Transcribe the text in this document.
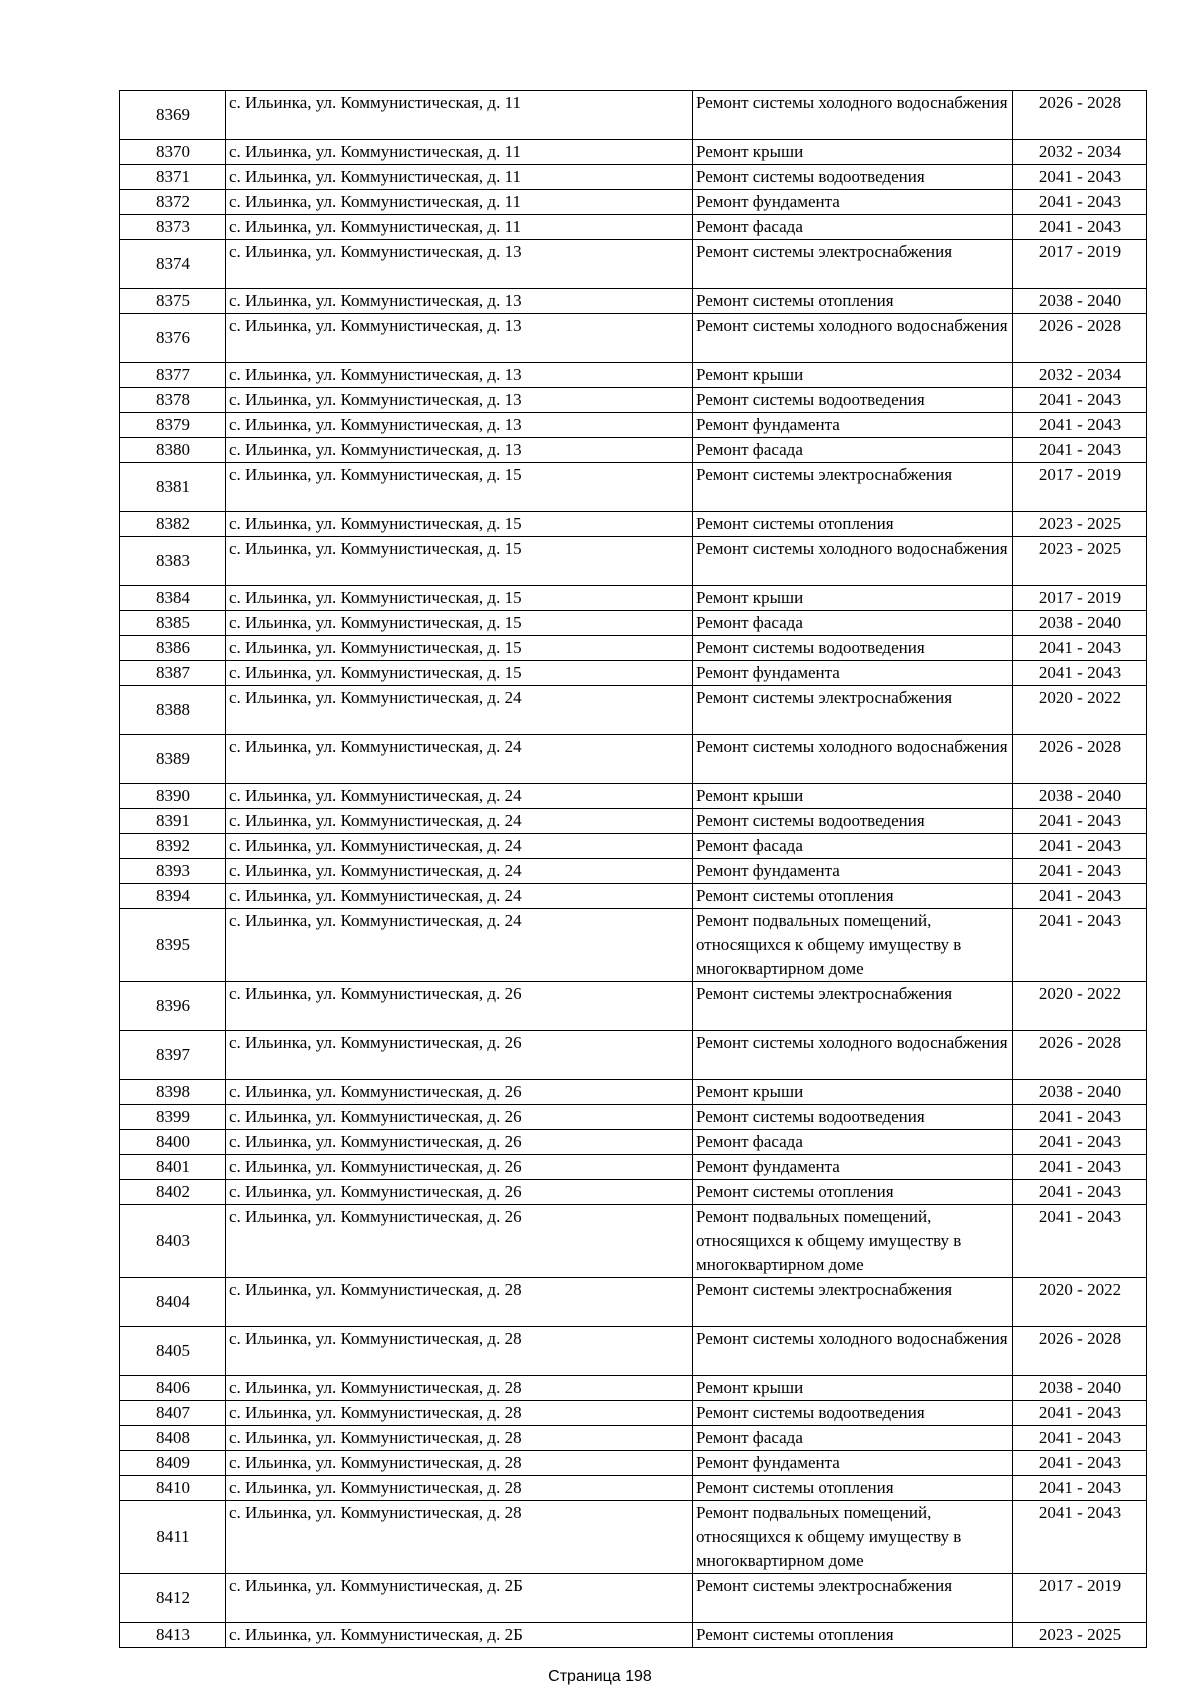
8369	с. Ильинка, ул. Коммунистическая, д. 11	Ремонт системы холодного водоснабжения	2026 - 2028
8370	с. Ильинка, ул. Коммунистическая, д. 11	Ремонт крыши	2032 - 2034
8371	с. Ильинка, ул. Коммунистическая, д. 11	Ремонт системы водоотведения	2041 - 2043
8372	с. Ильинка, ул. Коммунистическая, д. 11	Ремонт фундамента	2041 - 2043
8373	с. Ильинка, ул. Коммунистическая, д. 11	Ремонт фасада	2041 - 2043
8374	с. Ильинка, ул. Коммунистическая, д. 13	Ремонт системы электроснабжения	2017 - 2019
8375	с. Ильинка, ул. Коммунистическая, д. 13	Ремонт системы отопления	2038 - 2040
8376	с. Ильинка, ул. Коммунистическая, д. 13	Ремонт системы холодного водоснабжения	2026 - 2028
8377	с. Ильинка, ул. Коммунистическая, д. 13	Ремонт крыши	2032 - 2034
8378	с. Ильинка, ул. Коммунистическая, д. 13	Ремонт системы водоотведения	2041 - 2043
8379	с. Ильинка, ул. Коммунистическая, д. 13	Ремонт фундамента	2041 - 2043
8380	с. Ильинка, ул. Коммунистическая, д. 13	Ремонт фасада	2041 - 2043
8381	с. Ильинка, ул. Коммунистическая, д. 15	Ремонт системы электроснабжения	2017 - 2019
8382	с. Ильинка, ул. Коммунистическая, д. 15	Ремонт системы отопления	2023 - 2025
8383	с. Ильинка, ул. Коммунистическая, д. 15	Ремонт системы холодного водоснабжения	2023 - 2025
8384	с. Ильинка, ул. Коммунистическая, д. 15	Ремонт крыши	2017 - 2019
8385	с. Ильинка, ул. Коммунистическая, д. 15	Ремонт фасада	2038 - 2040
8386	с. Ильинка, ул. Коммунистическая, д. 15	Ремонт системы водоотведения	2041 - 2043
8387	с. Ильинка, ул. Коммунистическая, д. 15	Ремонт фундамента	2041 - 2043
8388	с. Ильинка, ул. Коммунистическая, д. 24	Ремонт системы электроснабжения	2020 - 2022
8389	с. Ильинка, ул. Коммунистическая, д. 24	Ремонт системы холодного водоснабжения	2026 - 2028
8390	с. Ильинка, ул. Коммунистическая, д. 24	Ремонт крыши	2038 - 2040
8391	с. Ильинка, ул. Коммунистическая, д. 24	Ремонт системы водоотведения	2041 - 2043
8392	с. Ильинка, ул. Коммунистическая, д. 24	Ремонт фасада	2041 - 2043
8393	с. Ильинка, ул. Коммунистическая, д. 24	Ремонт фундамента	2041 - 2043
8394	с. Ильинка, ул. Коммунистическая, д. 24	Ремонт системы отопления	2041 - 2043
8395	с. Ильинка, ул. Коммунистическая, д. 24	Ремонт подвальных помещений, относящихся к общему имуществу в многоквартирном доме	2041 - 2043
8396	с. Ильинка, ул. Коммунистическая, д. 26	Ремонт системы электроснабжения	2020 - 2022
8397	с. Ильинка, ул. Коммунистическая, д. 26	Ремонт системы холодного водоснабжения	2026 - 2028
8398	с. Ильинка, ул. Коммунистическая, д. 26	Ремонт крыши	2038 - 2040
8399	с. Ильинка, ул. Коммунистическая, д. 26	Ремонт системы водоотведения	2041 - 2043
8400	с. Ильинка, ул. Коммунистическая, д. 26	Ремонт фасада	2041 - 2043
8401	с. Ильинка, ул. Коммунистическая, д. 26	Ремонт фундамента	2041 - 2043
8402	с. Ильинка, ул. Коммунистическая, д. 26	Ремонт системы отопления	2041 - 2043
8403	с. Ильинка, ул. Коммунистическая, д. 26	Ремонт подвальных помещений, относящихся к общему имуществу в многоквартирном доме	2041 - 2043
8404	с. Ильинка, ул. Коммунистическая, д. 28	Ремонт системы электроснабжения	2020 - 2022
8405	с. Ильинка, ул. Коммунистическая, д. 28	Ремонт системы холодного водоснабжения	2026 - 2028
8406	с. Ильинка, ул. Коммунистическая, д. 28	Ремонт крыши	2038 - 2040
8407	с. Ильинка, ул. Коммунистическая, д. 28	Ремонт системы водоотведения	2041 - 2043
8408	с. Ильинка, ул. Коммунистическая, д. 28	Ремонт фасада	2041 - 2043
8409	с. Ильинка, ул. Коммунистическая, д. 28	Ремонт фундамента	2041 - 2043
8410	с. Ильинка, ул. Коммунистическая, д. 28	Ремонт системы отопления	2041 - 2043
8411	с. Ильинка, ул. Коммунистическая, д. 28	Ремонт подвальных помещений, относящихся к общему имуществу в многоквартирном доме	2041 - 2043
8412	с. Ильинка, ул. Коммунистическая, д. 2Б	Ремонт системы электроснабжения	2017 - 2019
8413	с. Ильинка, ул. Коммунистическая, д. 2Б	Ремонт системы отопления	2023 - 2025
Страница 198
